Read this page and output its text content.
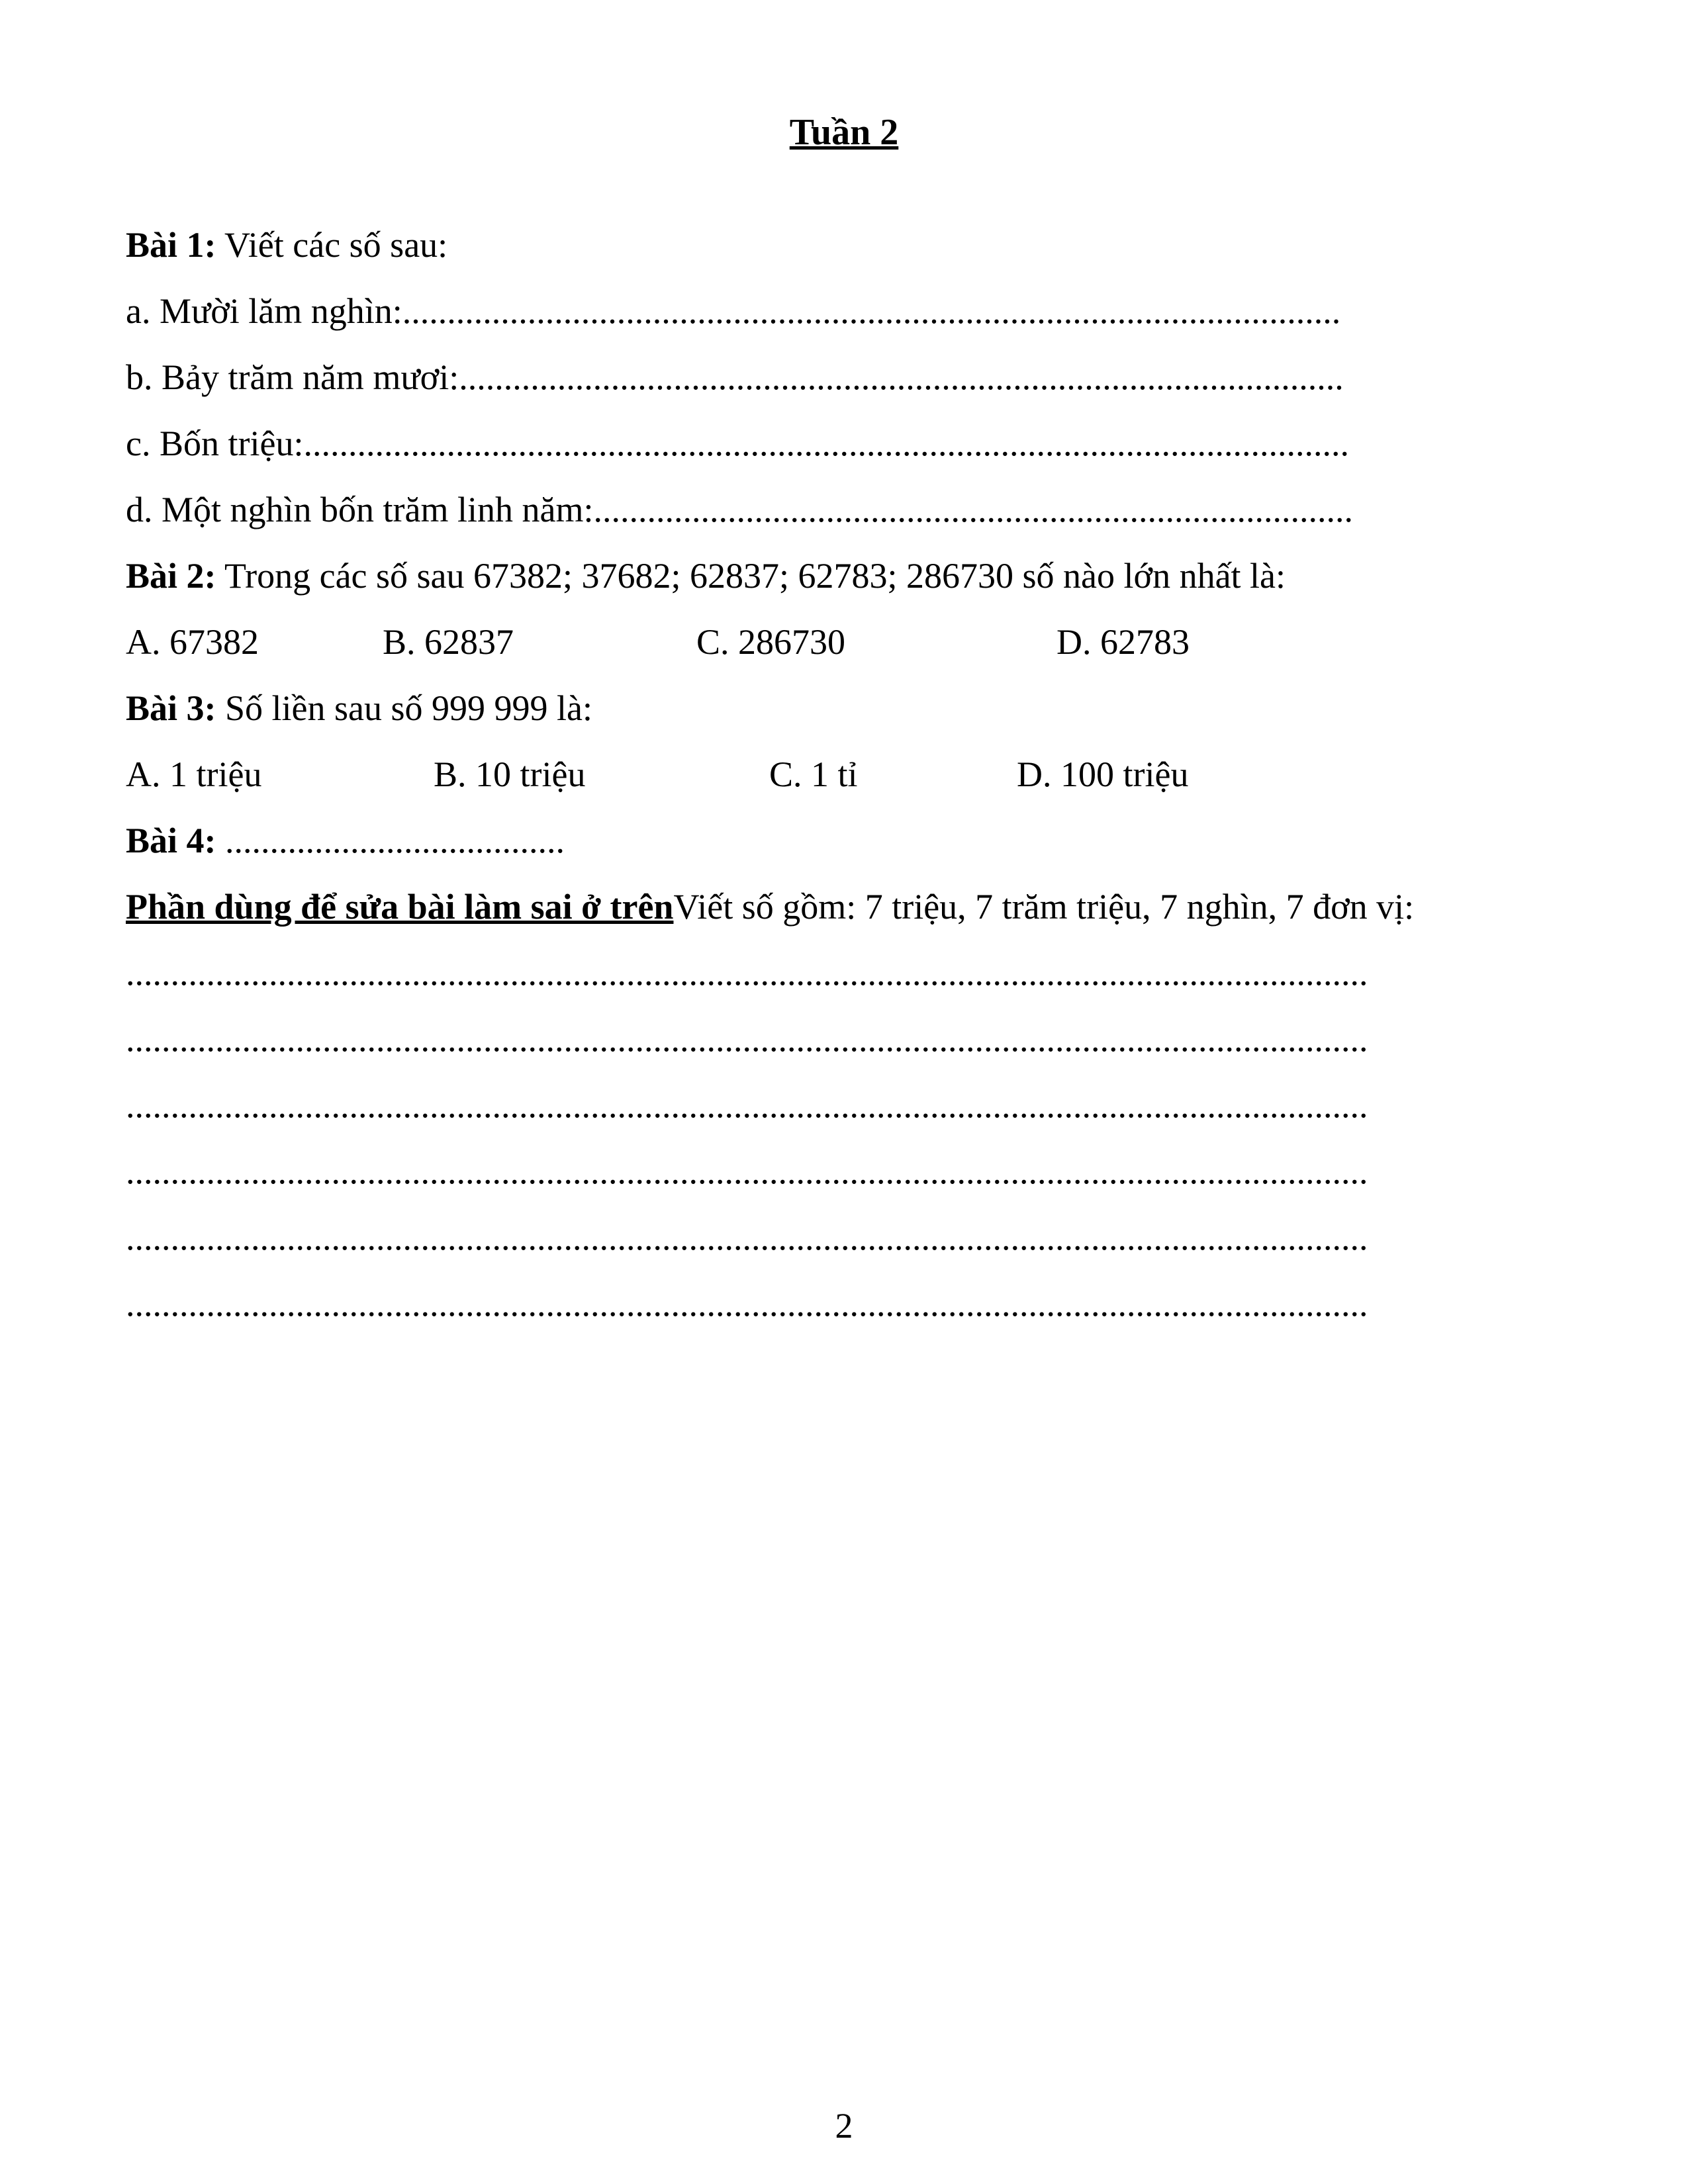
Tuần 2
Bài 1: Viết các số sau:
a. Mười lăm nghìn:.........................................................................................................
b. Bảy trăm năm mươi:...................................................................................................
c. Bốn triệu:.....................................................................................................................
d. Một nghìn bốn trăm linh năm:.....................................................................................
Bài 2: Trong các số sau 67382; 37682; 62837; 62783; 286730 số nào lớn nhất là:
A. 67382	B. 62837	C. 286730	D. 62783
Bài 3: Số liền sau số 999 999 là:
A. 1 triệu	B. 10 triệu	C. 1 tỉ	D. 100 triệu
Bài 4: ......................................
Phần dùng để sửa bài làm sai ở trênViết số gồm: 7 triệu, 7 trăm triệu, 7 nghìn, 7 đơn vị:
...........................................................................................................................................
...........................................................................................................................................
...........................................................................................................................................
...........................................................................................................................................
...........................................................................................................................................
...........................................................................................................................................
2
